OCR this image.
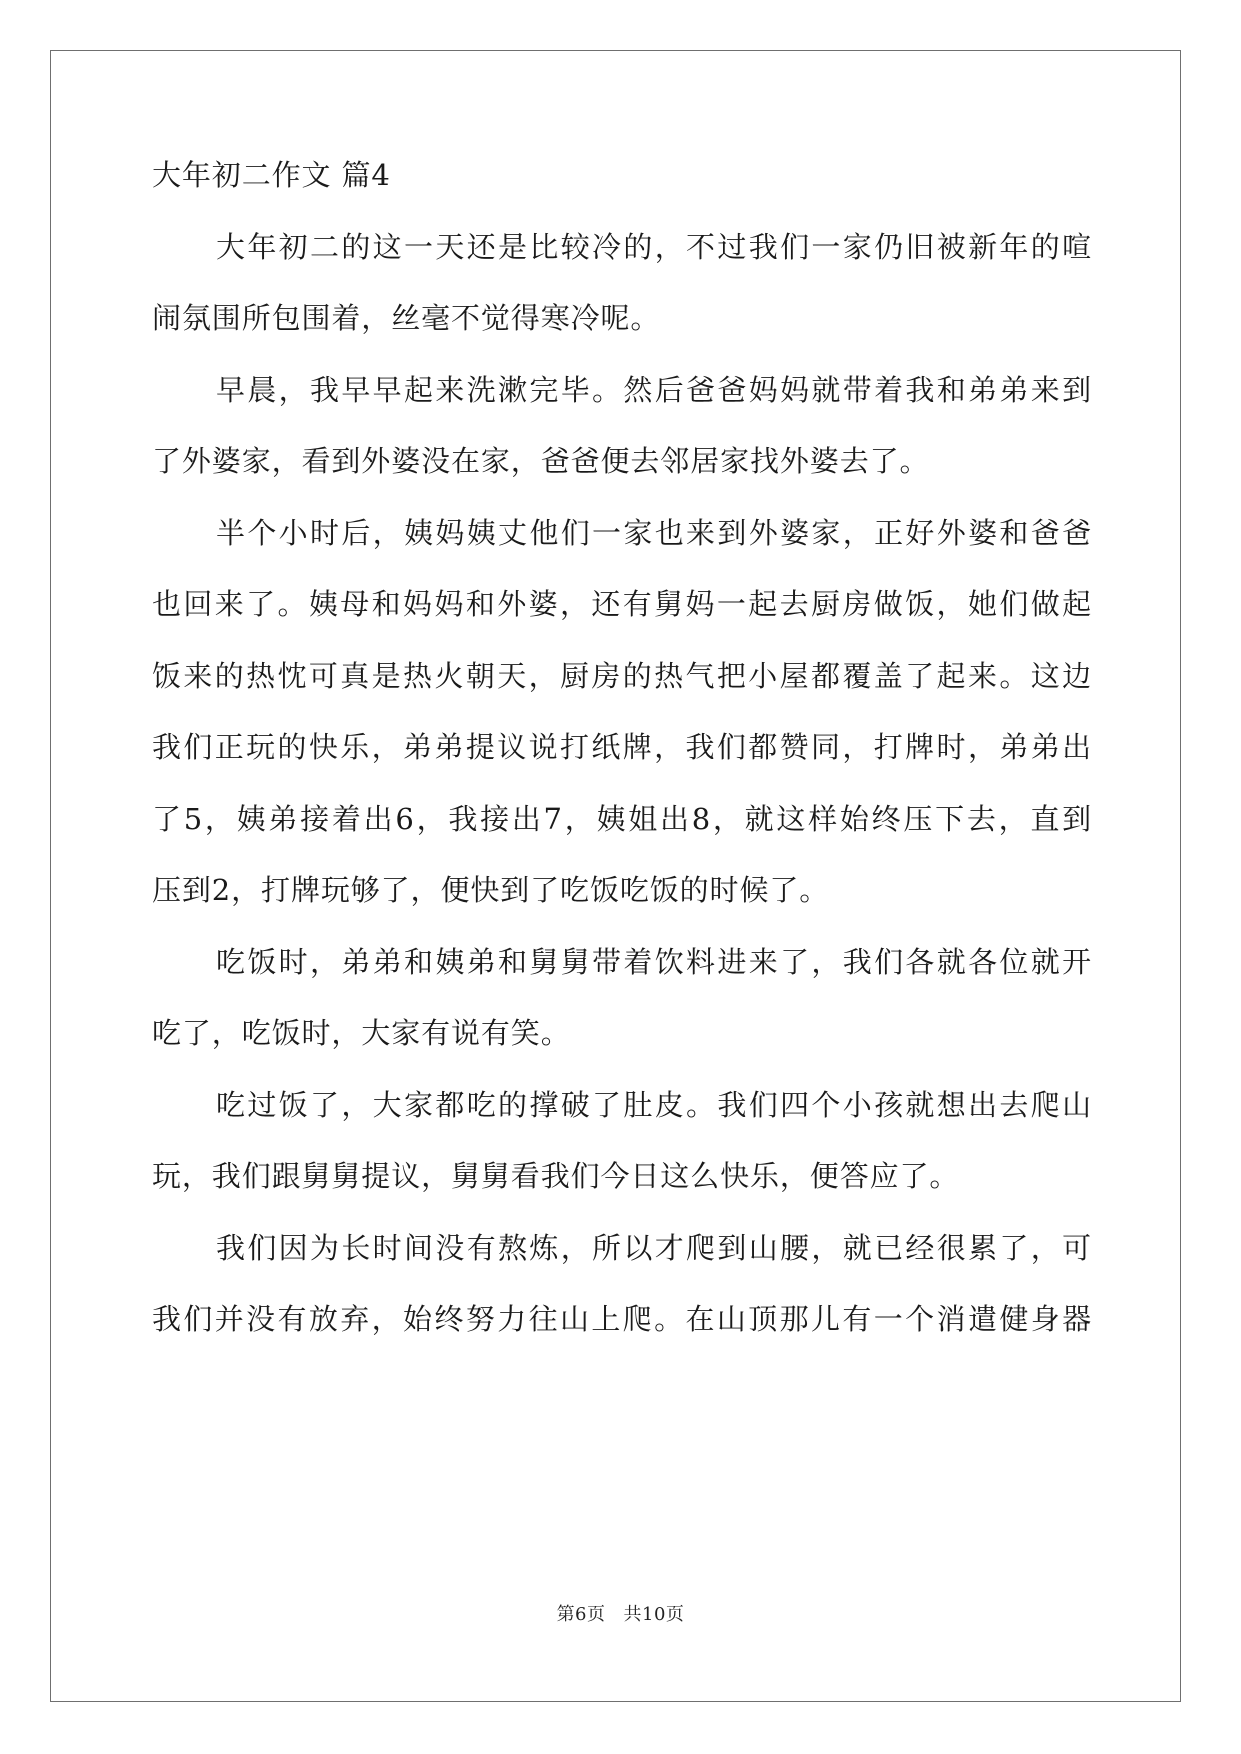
大年初二作文 篇4
大年初二的这一天还是比较冷的，不过我们一家仍旧被新年的喧
闹氛围所包围着，丝毫不觉得寒冷呢。
早晨，我早早起来洗漱完毕。然后爸爸妈妈就带着我和弟弟来到
了外婆家，看到外婆没在家，爸爸便去邻居家找外婆去了。
半个小时后，姨妈姨丈他们一家也来到外婆家，正好外婆和爸爸
也回来了。姨母和妈妈和外婆，还有舅妈一起去厨房做饭，她们做起
饭来的热忱可真是热火朝天，厨房的热气把小屋都覆盖了起来。这边
我们正玩的快乐，弟弟提议说打纸牌，我们都赞同，打牌时，弟弟出
了5，姨弟接着出6，我接出7，姨姐出8，就这样始终压下去，直到
压到2，打牌玩够了，便快到了吃饭吃饭的时候了。
吃饭时，弟弟和姨弟和舅舅带着饮料进来了，我们各就各位就开
吃了，吃饭时，大家有说有笑。
吃过饭了，大家都吃的撑破了肚皮。我们四个小孩就想出去爬山
玩，我们跟舅舅提议，舅舅看我们今日这么快乐，便答应了。
我们因为长时间没有熬炼，所以才爬到山腰，就已经很累了，可
我们并没有放弃，始终努力往山上爬。在山顶那儿有一个消遣健身器
第6页 共10页
